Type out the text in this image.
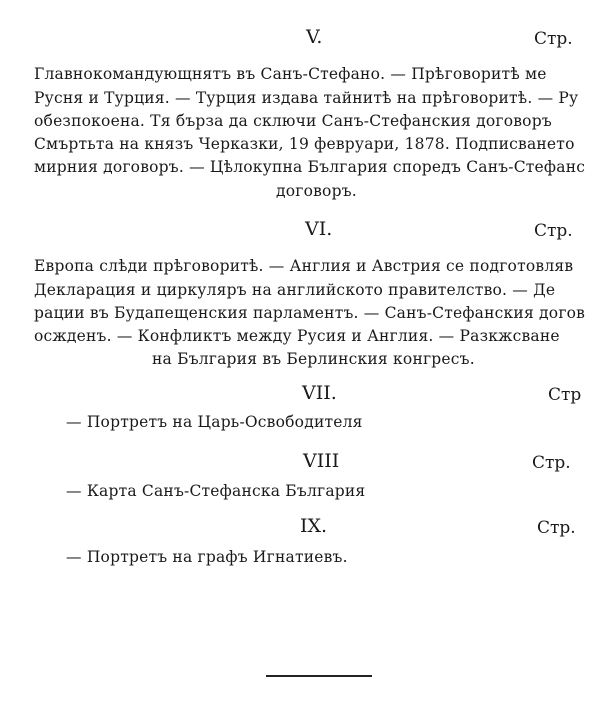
V.	Стр.
Главнокомандующнятъ въ Санъ-Стефано. — Прѣговоритѣ ме
Русня и Турция. — Турция издава тайнитѣ на прѣговоритѣ. — Ру
обезпокоена. Тя бърза да сключи Санъ-Стефанския договоръ
Смъртьта на князъ Черказки, 19 февруари, 1878. Подписването
мирния договоръ. — Цѣлокупна България споредъ Санъ-Стефанс
договоръ.
VI.	Стр.
Европа слѣди прѣговоритѣ. — Англия и Австрия се подготовляв
Декларация и циркуляръ на английското правителство. — Де
рации въ Будапещенския парламентъ. — Санъ-Стефанския догов
осжденъ. — Конфликтъ между Русия и Англия. — Разкжсване
на България въ Берлинския конгресъ.
VII.	Стр
— Портретъ на Царь-Освободителя
VIII	Стр.
— Карта Санъ-Стефанска България
IX.	Стр.
— Портретъ на графъ Игнатиевъ.
